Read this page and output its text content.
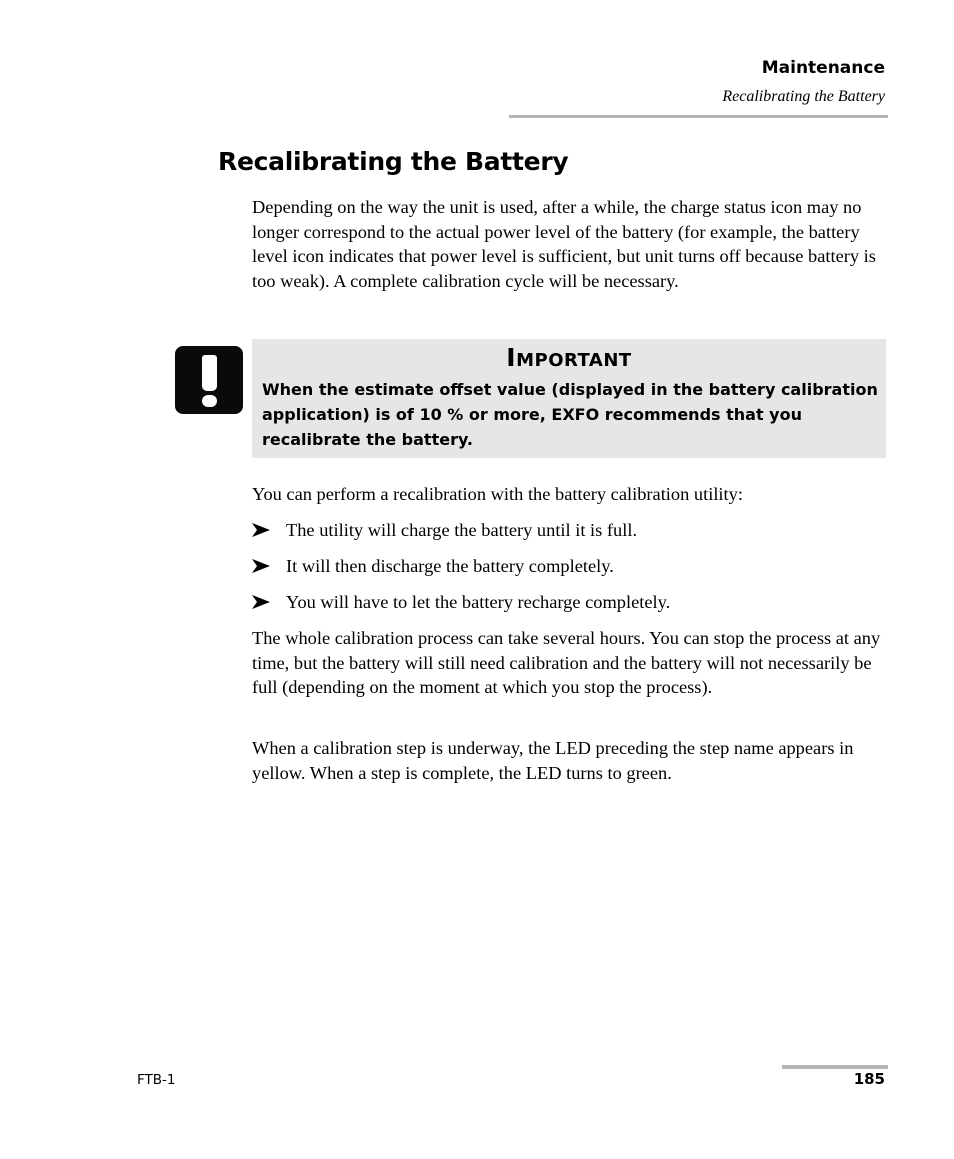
Maintenance
Recalibrating the Battery
Recalibrating the Battery

Depending on the way the unit is used, after a while, the charge status icon may no longer correspond to the actual power level of the battery (for example, the battery level icon indicates that power level is sufficient, but unit turns off because battery is too weak). A complete calibration cycle will be necessary.

Important

When the estimate offset value (displayed in the battery calibration application) is of 10 % or more, EXFO recommends that you recalibrate the battery.

You can perform a recalibration with the battery calibration utility:

The utility will charge the battery until it is full.
It will then discharge the battery completely.
You will have to let the battery recharge completely.

The whole calibration process can take several hours. You can stop the process at any time, but the battery will still need calibration and the battery will not necessarily be full (depending on the moment at which you stop the process).

When a calibration step is underway, the LED preceding the step name appears in yellow. When a step is complete, the LED turns to green.

FTB-1	185
